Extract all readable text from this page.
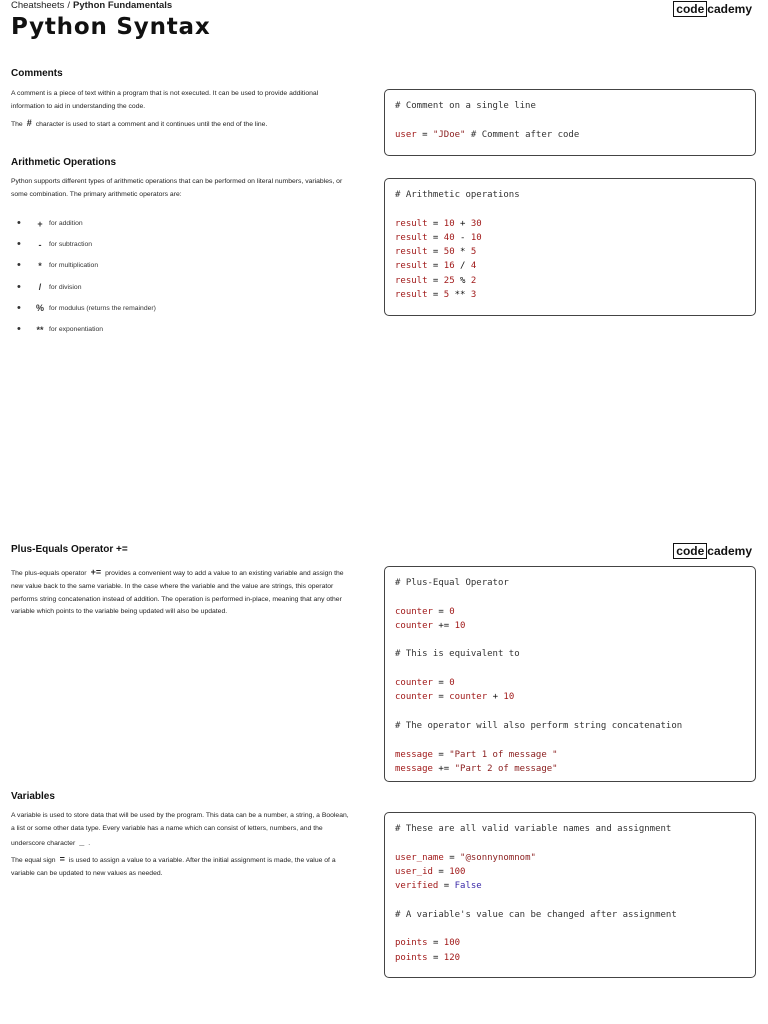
Cheatsheets / Python Fundamentals	code cademy
Python Syntax
Comments

A comment is a piece of text within a program that is not executed. It can be used to provide additional information to aid in understanding the code.

The # character is used to start a comment and it continues until the end of the line.

# Comment on a single line
user = "JDoe" # Comment after code
Arithmetic Operations

Python supports different types of arithmetic operations that can be performed on literal numbers, variables, or some combination. The primary arithmetic operators are:

•	+ for addition
•	-	for subtraction
•	*	for multiplication
•	/	for division
•	% for modulus (returns the remainder)
•	** for exponentiation
# Arithmetic operations
result = 10 + 30
result = 40 - 10
result = 50 * 5
result = 16 / 4
result = 25 % 2
result = 5 ** 3
code cademy
Plus-Equals Operator +=

The plus-equals operator += provides a convenient way to add a value to an existing variable and assign the new value back to the same variable. In the case where the variable and the value are strings, this operator performs string concatenation instead of addition. The operation is performed in-place, meaning that any other variable which points to the variable being updated will also be updated.

# Plus-Equal Operator
counter = 0
counter += 10
# This is equivalent to
counter = 0
counter = counter + 10
# The operator will also perform string concatenation
message = "Part 1 of message "
message += "Part 2 of message"
Variables

A variable is used to store data that will be used by the program. This data can be a number, a string, a Boolean, a list or some other data type. Every variable has a name which can consist of letters, numbers, and the underscore character _ .

The equal sign = is used to assign a value to a variable. After the initial assignment is made, the value of a variable can be updated to new values as needed.

# These are all valid variable names and assignment
user_name = "@sonnynomnom"
user_id = 100
verified = False
# A variable's value can be changed after assignment
points = 100
points = 120
